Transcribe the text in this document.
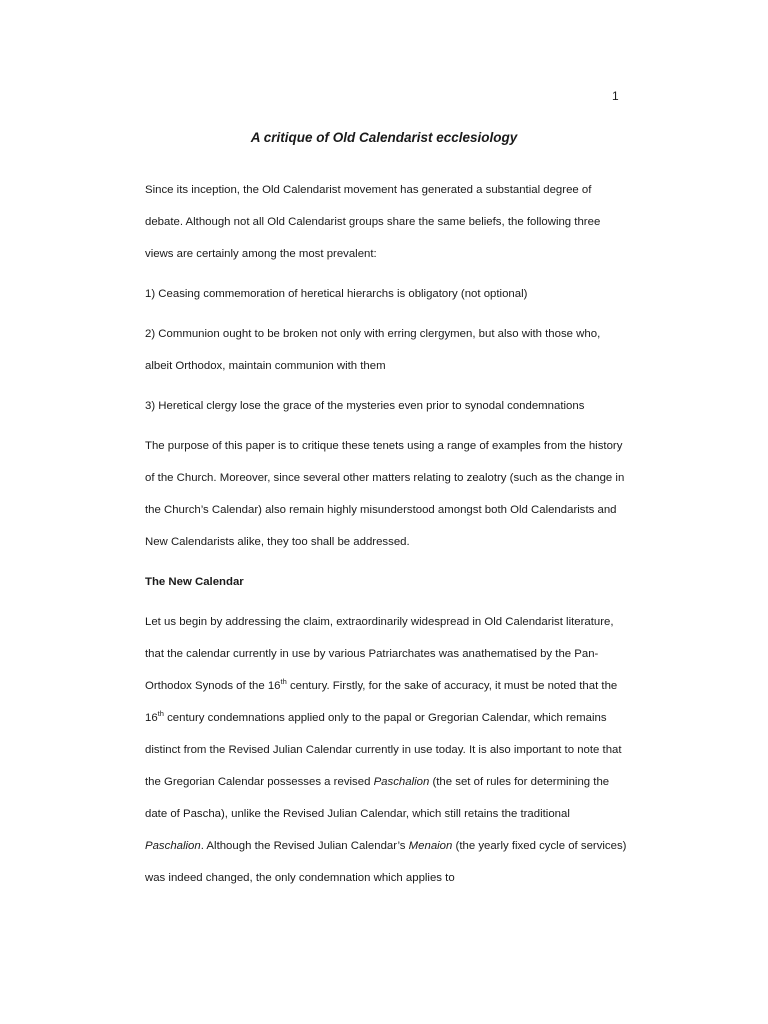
1
A critique of Old Calendarist ecclesiology

Since its inception, the Old Calendarist movement has generated a substantial degree of debate. Although not all Old Calendarist groups share the same beliefs, the following three views are certainly among the most prevalent:

1) Ceasing commemoration of heretical hierarchs is obligatory (not optional)

2) Communion ought to be broken not only with erring clergymen, but also with those who, albeit Orthodox, maintain communion with them

3) Heretical clergy lose the grace of the mysteries even prior to synodal condemnations

The purpose of this paper is to critique these tenets using a range of examples from the history of the Church. Moreover, since several other matters relating to zealotry (such as the change in the Church’s Calendar) also remain highly misunderstood amongst both Old Calendarists and New Calendarists alike, they too shall be addressed.

The New Calendar

Let us begin by addressing the claim, extraordinarily widespread in Old Calendarist literature, that the calendar currently in use by various Patriarchates was anathematised by the Pan-Orthodox Synods of the 16th century. Firstly, for the sake of accuracy, it must be noted that the 16th century condemnations applied only to the papal or Gregorian Calendar, which remains distinct from the Revised Julian Calendar currently in use today. It is also important to note that the Gregorian Calendar possesses a revised Paschalion (the set of rules for determining the date of Pascha), unlike the Revised Julian Calendar, which still retains the traditional Paschalion. Although the Revised Julian Calendar’s Menaion (the yearly fixed cycle of services) was indeed changed, the only condemnation which applies to
